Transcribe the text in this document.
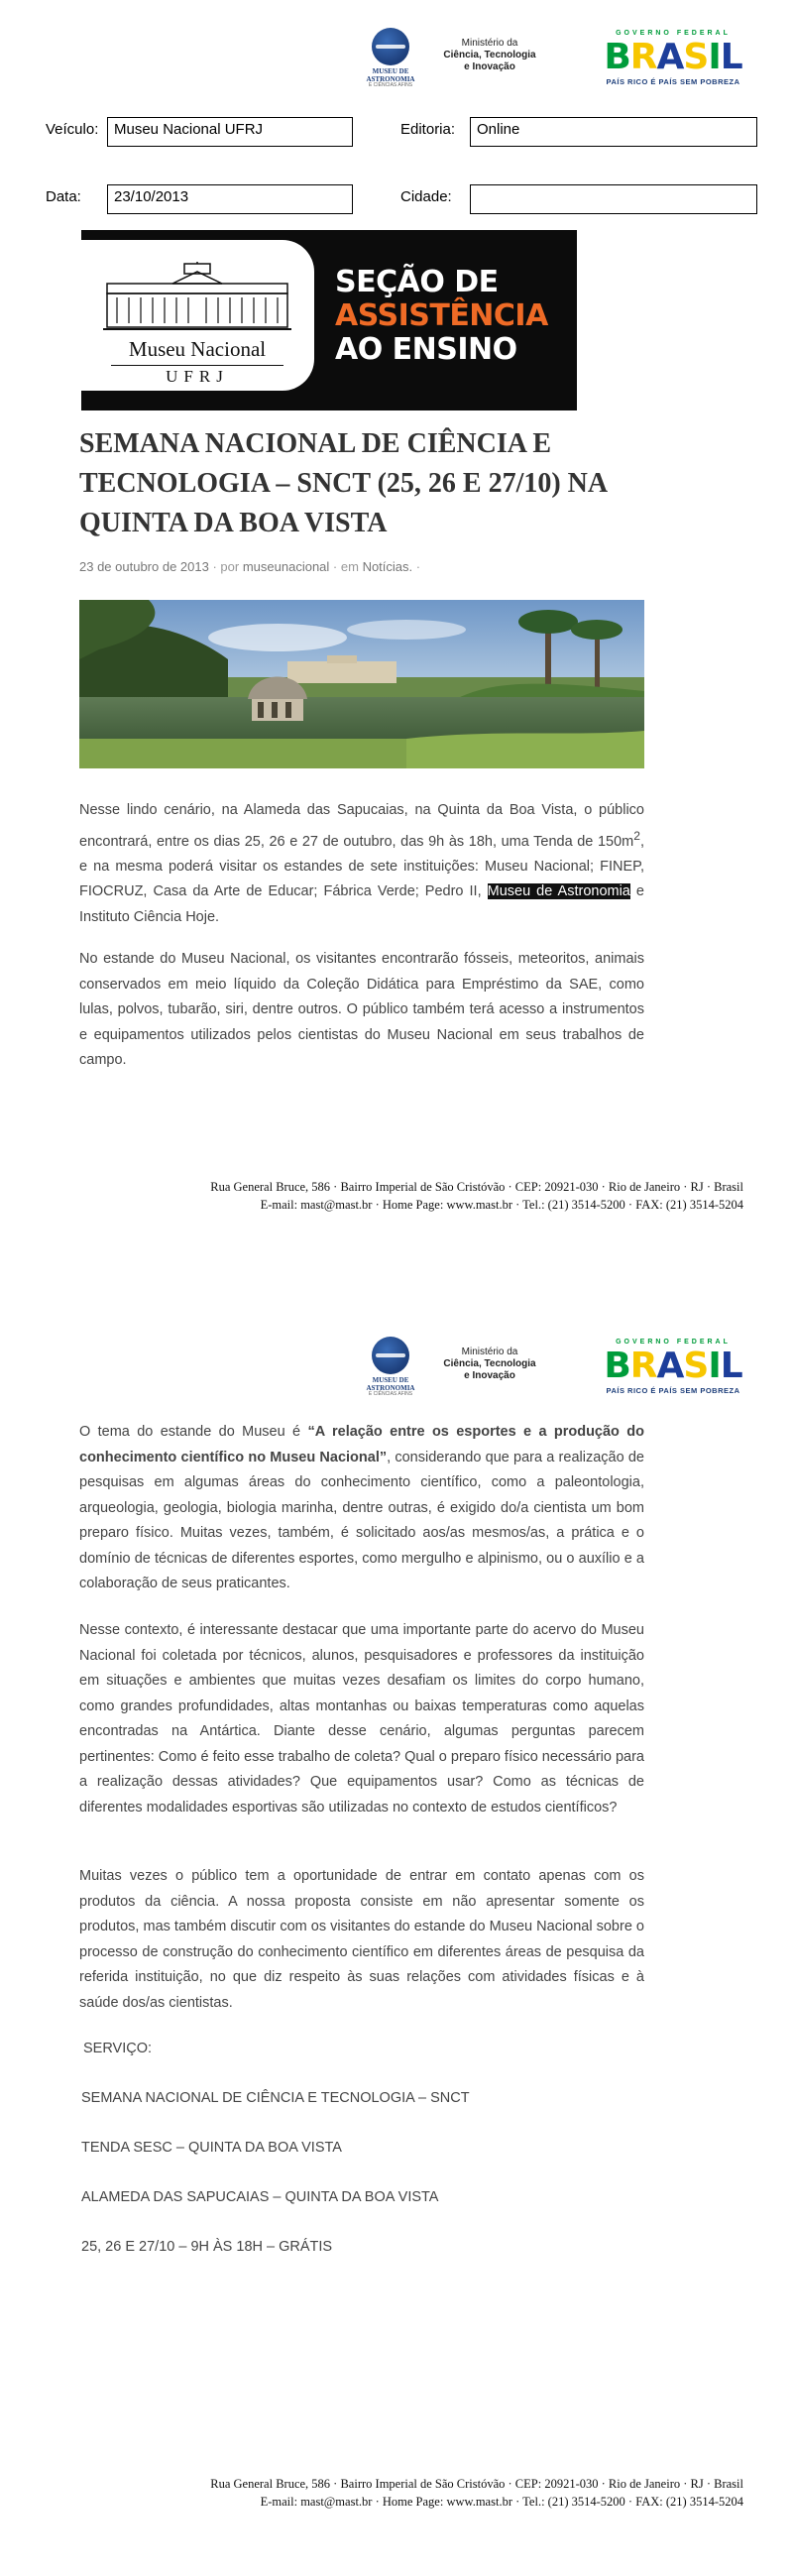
MUSEU DE ASTRONOMIA
E CIÊNCIAS AFINS
Ministério da
Ciência, Tecnologia
e Inovação
GOVERNO FEDERAL
BRASIL
PAÍS RICO É PAÍS SEM POBREZA
Veículo:	Museu Nacional UFRJ	Editoria:	Online
Data:	23/10/2013	Cidade:
Museu Nacional
UFRJ
SEÇÃO DE
ASSISTÊNCIA
AO ENSINO
SEMANA NACIONAL DE CIÊNCIA E TECNOLOGIA – SNCT (25, 26 E 27/10) NA QUINTA DA BOA VISTA
23 de outubro de 2013 · por museunacional · em Notícias. ·

Nesse lindo cenário, na Alameda das Sapucaias, na Quinta da Boa Vista, o público encontrará, entre os dias 25, 26 e 27 de outubro, das 9h às 18h, uma Tenda de $150m^2$, e na mesma poderá visitar os estandes de sete instituições: Museu Nacional; FINEP, FIOCRUZ, Casa da Arte de Educar; Fábrica Verde; Pedro II, Museu de Astronomia e Instituto Ciência Hoje.

No estande do Museu Nacional, os visitantes encontrarão fósseis, meteoritos, animais conservados em meio líquido da Coleção Didática para Empréstimo da SAE, como lulas, polvos, tubarão, siri, dentre outros. O público também terá acesso a instrumentos e equipamentos utilizados pelos cientistas do Museu Nacional em seus trabalhos de campo.

Rua General Bruce, 586 · Bairro Imperial de São Cristóvão · CEP: 20921-030 · Rio de Janeiro · RJ · Brasil
E-mail: mast@mast.br · Home Page: www.mast.br · Tel.: (21) 3514-5200 · FAX: (21) 3514-5204
MUSEU DE ASTRONOMIA
E CIÊNCIAS AFINS
Ministério da
Ciência, Tecnologia
e Inovação
GOVERNO FEDERAL
BRASIL
PAÍS RICO É PAÍS SEM POBREZA

O tema do estande do Museu é “A relação entre os esportes e a produção do conhecimento científico no Museu Nacional”, considerando que para a realização de pesquisas em algumas áreas do conhecimento científico, como a paleontologia, arqueologia, geologia, biologia marinha, dentre outras, é exigido do/a cientista um bom preparo físico. Muitas vezes, também, é solicitado aos/as mesmos/as, a prática e o domínio de técnicas de diferentes esportes, como mergulho e alpinismo, ou o auxílio e a colaboração de seus praticantes.

Nesse contexto, é interessante destacar que uma importante parte do acervo do Museu Nacional foi coletada por técnicos, alunos, pesquisadores e professores da instituição em situações e ambientes que muitas vezes desafiam os limites do corpo humano, como grandes profundidades, altas montanhas ou baixas temperaturas como aquelas encontradas na Antártica. Diante desse cenário, algumas perguntas parecem pertinentes: Como é feito esse trabalho de coleta? Qual o preparo físico necessário para a realização dessas atividades? Que equipamentos usar? Como as técnicas de diferentes modalidades esportivas são utilizadas no contexto de estudos científicos?

Muitas vezes o público tem a oportunidade de entrar em contato apenas com os produtos da ciência. A nossa proposta consiste em não apresentar somente os produtos, mas também discutir com os visitantes do estande do Museu Nacional sobre o processo de construção do conhecimento científico em diferentes áreas de pesquisa da referida instituição, no que diz respeito às suas relações com atividades físicas e à saúde dos/as cientistas.

SERVIÇO:
SEMANA NACIONAL DE CIÊNCIA E TECNOLOGIA – SNCT
TENDA SESC – QUINTA DA BOA VISTA
ALAMEDA DAS SAPUCAIAS – QUINTA DA BOA VISTA
25, 26 E 27/10 – 9H ÀS 18H – GRÁTIS
Rua General Bruce, 586 · Bairro Imperial de São Cristóvão · CEP: 20921-030 · Rio de Janeiro · RJ · Brasil
E-mail: mast@mast.br · Home Page: www.mast.br · Tel.: (21) 3514-5200 · FAX: (21) 3514-5204
